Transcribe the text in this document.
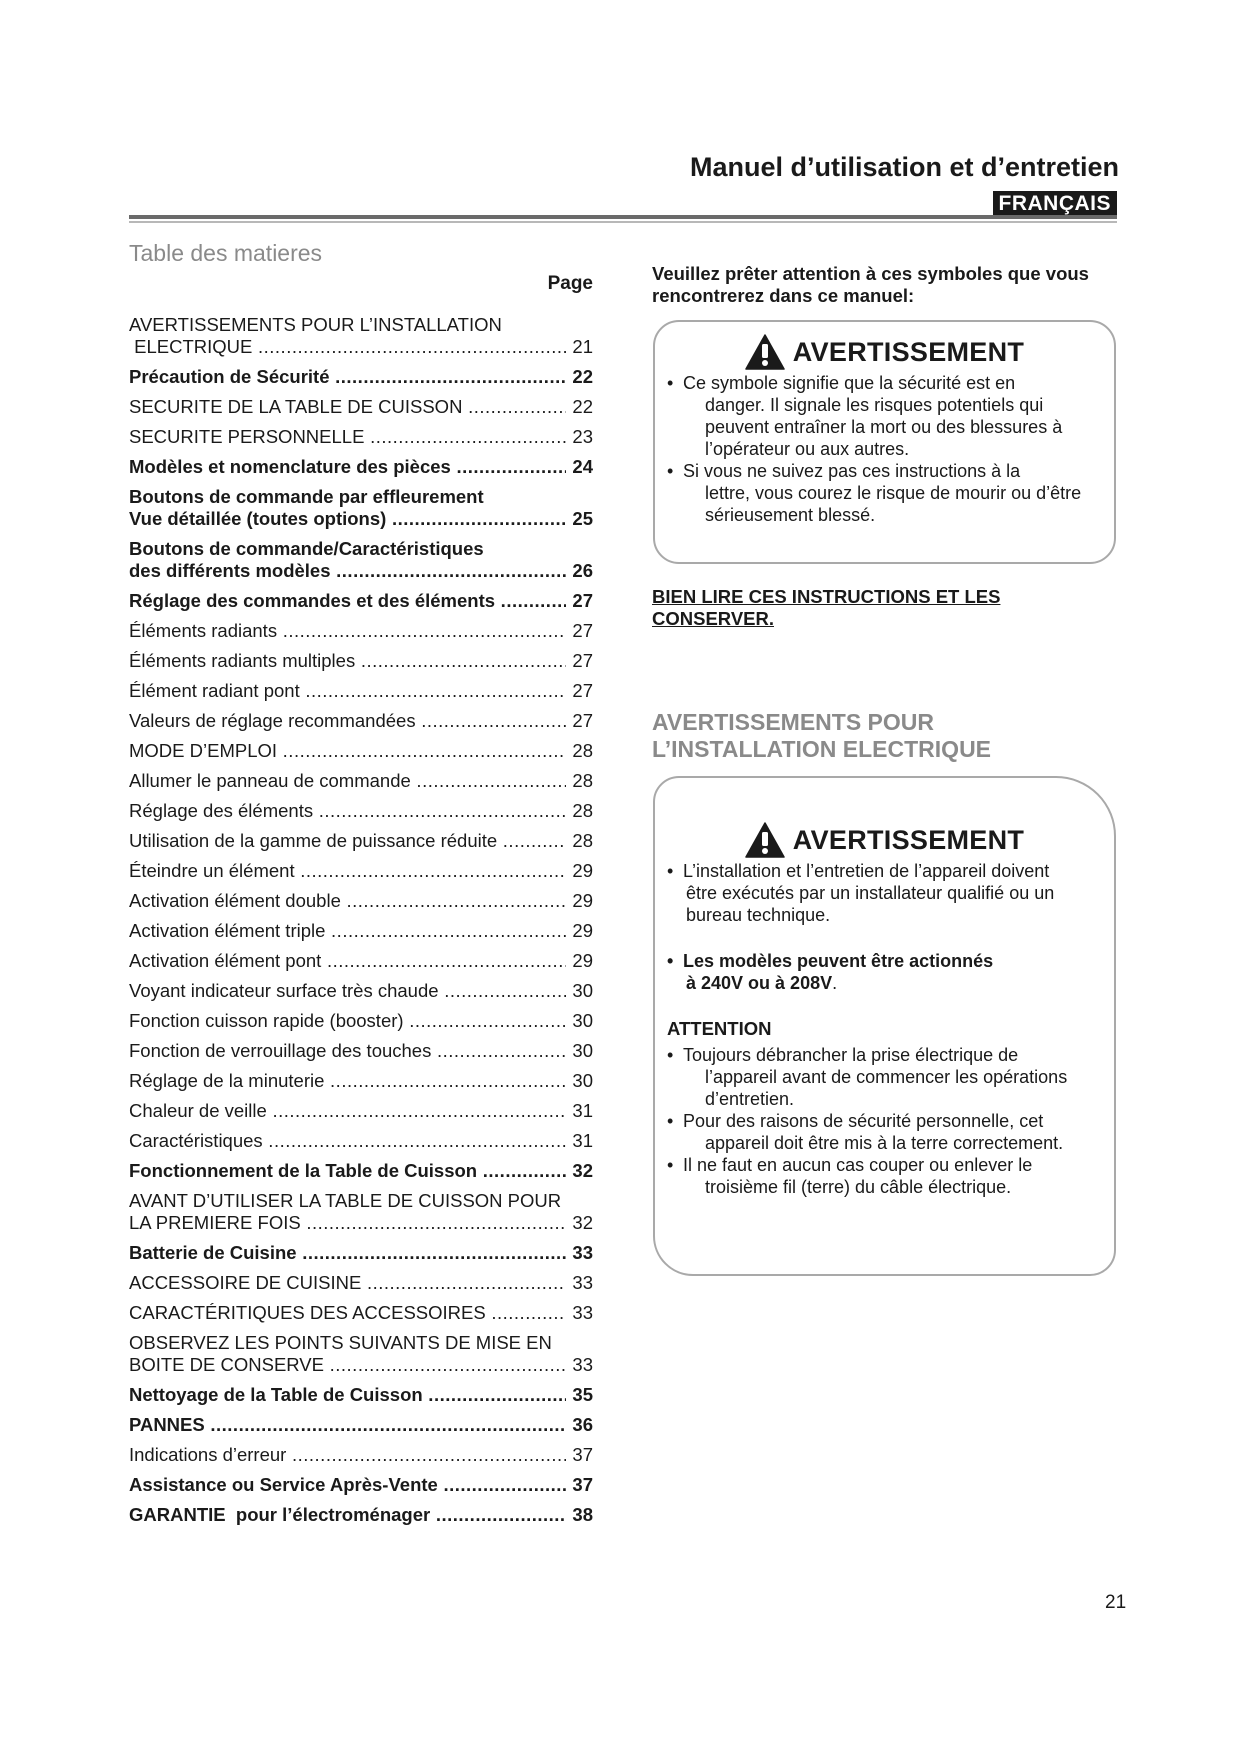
Manuel d’utilisation et d’entretien
FRANÇAIS
Table des matieres
Page
AVERTISSEMENTS POUR L’INSTALLATION
ELECTRIQUE .....	21
Précaution de Sécurité .....	22
SECURITE DE LA TABLE DE CUISSON .....	22
SECURITE PERSONNELLE .....	23
Modèles et nomenclature des pièces .....	24
Boutons de commande par effleurement
Vue détaillée (toutes options) .....	25
Boutons de commande/Caractéristiques
des différents modèles .....	26
Réglage des commandes et des éléments .....	27
Éléments radiants .....	27
Éléments radiants multiples .....	27
Élément radiant pont .....	27
Valeurs de réglage recommandées .....	27
MODE D’EMPLOI .....	28
Allumer le panneau de commande .....	28
Réglage des éléments .....	28
Utilisation de la gamme de puissance réduite .....	28
Éteindre un élément .....	29
Activation élément double .....	29
Activation élément triple .....	29
Activation élément pont .....	29
Voyant indicateur surface très chaude .....	30
Fonction cuisson rapide (booster) .....	30
Fonction de verrouillage des touches .....	30
Réglage de la minuterie .....	30
Chaleur de veille .....	31
Caractéristiques .....	31
Fonctionnement de la Table de Cuisson .....	32
AVANT D’UTILISER LA TABLE DE CUISSON POUR
LA PREMIERE FOIS .....	32
Batterie de Cuisine .....	33
ACCESSOIRE DE CUISINE .....	33
CARACTÉRITIQUES DES ACCESSOIRES .....	33
OBSERVEZ LES POINTS SUIVANTS DE MISE EN
BOITE DE CONSERVE .....	33
Nettoyage de la Table de Cuisson .....	35
PANNES .....	36
Indications d’erreur .....	37
Assistance ou Service Après-Vente .....	37
GARANTIE  pour l’électroménager .....	38
Veuillez prêter attention à ces symboles que vous rencontrerez dans ce manuel:
AVERTISSEMENT
• Ce symbole signifie que la sécurité est en
danger. Il signale les risques potentiels qui peuvent entraîner la mort ou des blessures à l’opérateur ou aux autres.
• Si vous ne suivez pas ces instructions à la
lettre, vous courez le risque de mourir ou d’être sérieusement blessé.
BIEN LIRE CES INSTRUCTIONS ET LES CONSERVER.
AVERTISSEMENTS POUR
L’INSTALLATION ELECTRIQUE
AVERTISSEMENT
• L’installation et l’entretien de l’appareil doivent
être exécutés par un installateur qualifié ou un bureau technique.
• Les modèles peuvent être actionnés
à 240V ou à 208V.
ATTENTION
• Toujours débrancher la prise électrique de
l’appareil avant de commencer les opérations d’entretien.
• Pour des raisons de sécurité personnelle, cet
appareil doit être mis à la terre correctement.
• Il ne faut en aucun cas couper ou enlever le
troisième fil (terre) du câble électrique.
21
